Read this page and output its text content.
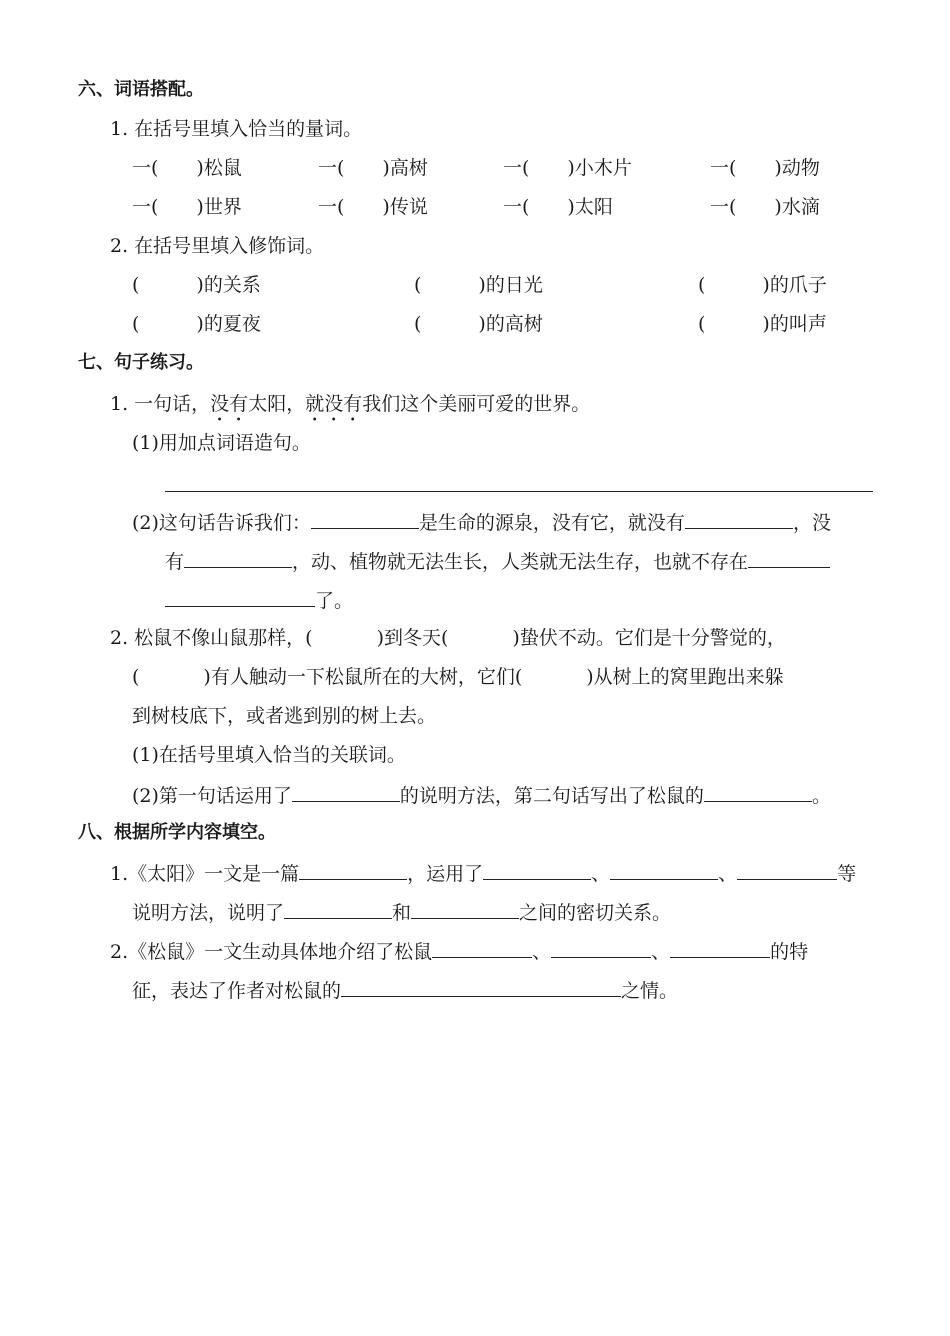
六、词语搭配。
1. 在括号里填入恰当的量词。
一(　　)松鼠	一(　　)高树	一(　　)小木片	一(　　)动物
一(　　)世界	一(　　)传说	一(　　)太阳	一(　　)水滴
2. 在括号里填入修饰词。
(　　　)的关系	(　　　)的日光	(　　　)的爪子
(　　　)的夏夜	(　　　)的高树	(　　　)的叫声
七、句子练习。
1. 一句话，没有太阳，就没有我们这个美丽可爱的世界。
(1)用加点词语造句。
(2)这句话告诉我们：	是生命的源泉，没有它，就没有	，没
有	，动、植物就无法生长，人类就无法生存，也就不存在
了。
2. 松鼠不像山鼠那样，(	)到冬天(	)蛰伏不动。它们是十分警觉的，
(	)有人触动一下松鼠所在的大树，它们(	)从树上的窝里跑出来躲
到树枝底下，或者逃到别的树上去。
(1)在括号里填入恰当的关联词。
(2)第一句话运用了	的说明方法，第二句话写出了松鼠的	。
八、根据所学内容填空。
1.《太阳》一文是一篇	，运用了	、	、	等
说明方法，说明了	和	之间的密切关系。
2.《松鼠》一文生动具体地介绍了松鼠	、	、	的特
征，表达了作者对松鼠的	之情。
